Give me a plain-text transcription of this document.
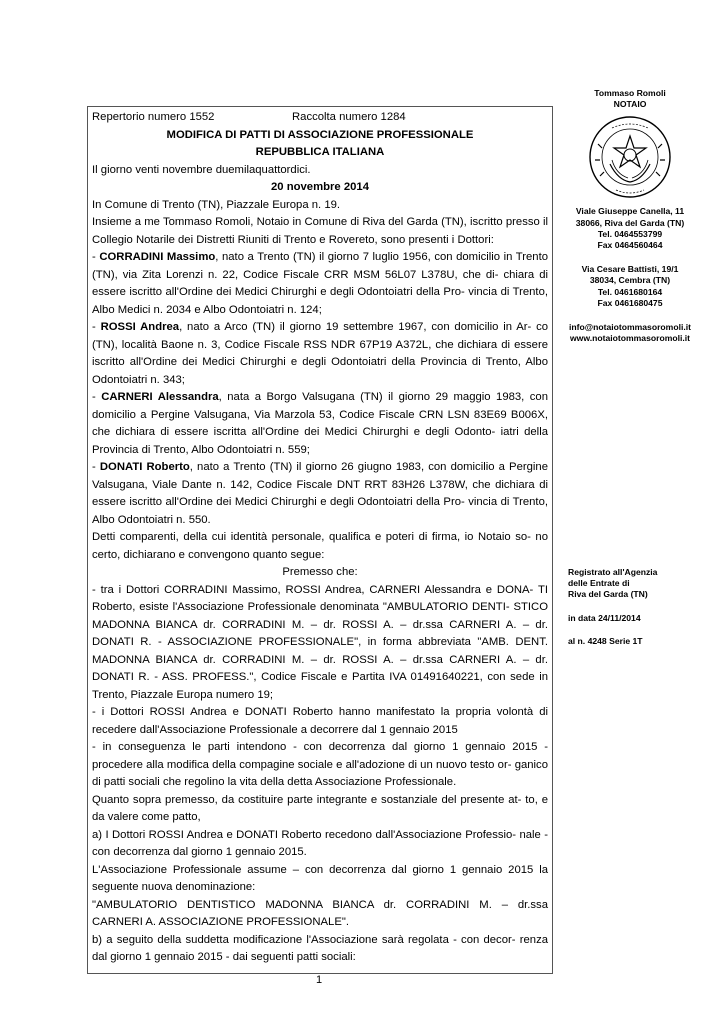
Repertorio numero 1552	Raccolta numero 1284

MODIFICA DI PATTI DI ASSOCIAZIONE PROFESSIONALE

REPUBBLICA ITALIANA

Il giorno venti novembre duemilaquattordici.

20 novembre 2014

In Comune di Trento (TN), Piazzale Europa n. 19.

Insieme a me Tommaso Romoli, Notaio in Comune di Riva del Garda (TN), iscritto presso il Collegio Notarile dei Distretti Riuniti di Trento e Rovereto, sono presenti i Dottori:

- CORRADINI Massimo, nato a Trento (TN) il giorno 7 luglio 1956, con domicilio in Trento (TN), via Zita Lorenzi n. 22, Codice Fiscale CRR MSM 56L07 L378U, che di- chiara di essere iscritto all'Ordine dei Medici Chirurghi e degli Odontoiatri della Pro- vincia di Trento, Albo Medici n. 2034 e Albo Odontoiatri n. 124;

- ROSSI Andrea, nato a Arco (TN) il giorno 19 settembre 1967, con domicilio in Ar- co (TN), località Baone n. 3, Codice Fiscale RSS NDR 67P19 A372L, che dichiara di essere iscritto all'Ordine dei Medici Chirurghi e degli Odontoiatri della Provincia di Trento, Albo Odontoiatri n. 343;

- CARNERI Alessandra, nata a Borgo Valsugana (TN) il giorno 29 maggio 1983, con domicilio a Pergine Valsugana, Via Marzola 53, Codice Fiscale CRN LSN 83E69 B006X, che dichiara di essere iscritta all'Ordine dei Medici Chirurghi e degli Odonto- iatri della Provincia di Trento, Albo Odontoiatri n. 559;

- DONATI Roberto, nato a Trento (TN) il giorno 26 giugno 1983, con domicilio a Pergine Valsugana, Viale Dante n. 142, Codice Fiscale DNT RRT 83H26 L378W, che dichiara di essere iscritto all'Ordine dei Medici Chirurghi e degli Odontoiatri della Pro- vincia di Trento, Albo Odontoiatri n. 550.

Detti comparenti, della cui identità personale, qualifica e poteri di firma, io Notaio so- no certo, dichiarano e convengono quanto segue:

Premesso che:

- tra i Dottori CORRADINI Massimo, ROSSI Andrea, CARNERI Alessandra e DONA- TI Roberto, esiste l'Associazione Professionale denominata "AMBULATORIO DENTI- STICO MADONNA BIANCA dr. CORRADINI M. – dr. ROSSI A. – dr.ssa CARNERI A. – dr. DONATI R. - ASSOCIAZIONE PROFESSIONALE", in forma abbreviata "AMB. DENT. MADONNA BIANCA dr. CORRADINI M. – dr. ROSSI A. – dr.ssa CARNERI A. – dr. DONATI R. - ASS. PROFESS.", Codice Fiscale e Partita IVA 01491640221, con sede in Trento, Piazzale Europa numero 19;

- i Dottori ROSSI Andrea e DONATI Roberto hanno manifestato la propria volontà di recedere dall'Associazione Professionale a decorrere dal 1 gennaio 2015

- in conseguenza le parti intendono - con decorrenza dal giorno 1 gennaio 2015 - procedere alla modifica della compagine sociale e all'adozione di un nuovo testo or- ganico di patti sociali che regolino la vita della detta Associazione Professionale.

Quanto sopra premesso, da costituire parte integrante e sostanziale del presente at- to, e da valere come patto,

a) I Dottori ROSSI Andrea e DONATI Roberto recedono dall'Associazione Professio- nale - con decorrenza dal giorno 1 gennaio 2015.

L'Associazione Professionale assume – con decorrenza dal giorno 1 gennaio 2015 la seguente nuova denominazione:

"AMBULATORIO DENTISTICO MADONNA BIANCA dr. CORRADINI M. – dr.ssa CARNERI A. ASSOCIAZIONE PROFESSIONALE".

b) a seguito della suddetta modificazione l'Associazione sarà regolata - con decor- renza dal giorno 1 gennaio 2015 - dai seguenti patti sociali:

Tommaso Romoli
NOTAIO
Viale Giuseppe Canella, 11
38066, Riva del Garda (TN)
Tel. 0464553799
Fax 0464560464
Via Cesare Battisti, 19/1
38034, Cembra (TN)
Tel. 0461680164
Fax 0461680475
info@notaiotommasoromoli.it
www.notaiotommasoromoli.it
Registrato all'Agenzia
delle Entrate di
Riva del Garda (TN)
in data 24/11/2014
al n. 4248 Serie 1T
1
